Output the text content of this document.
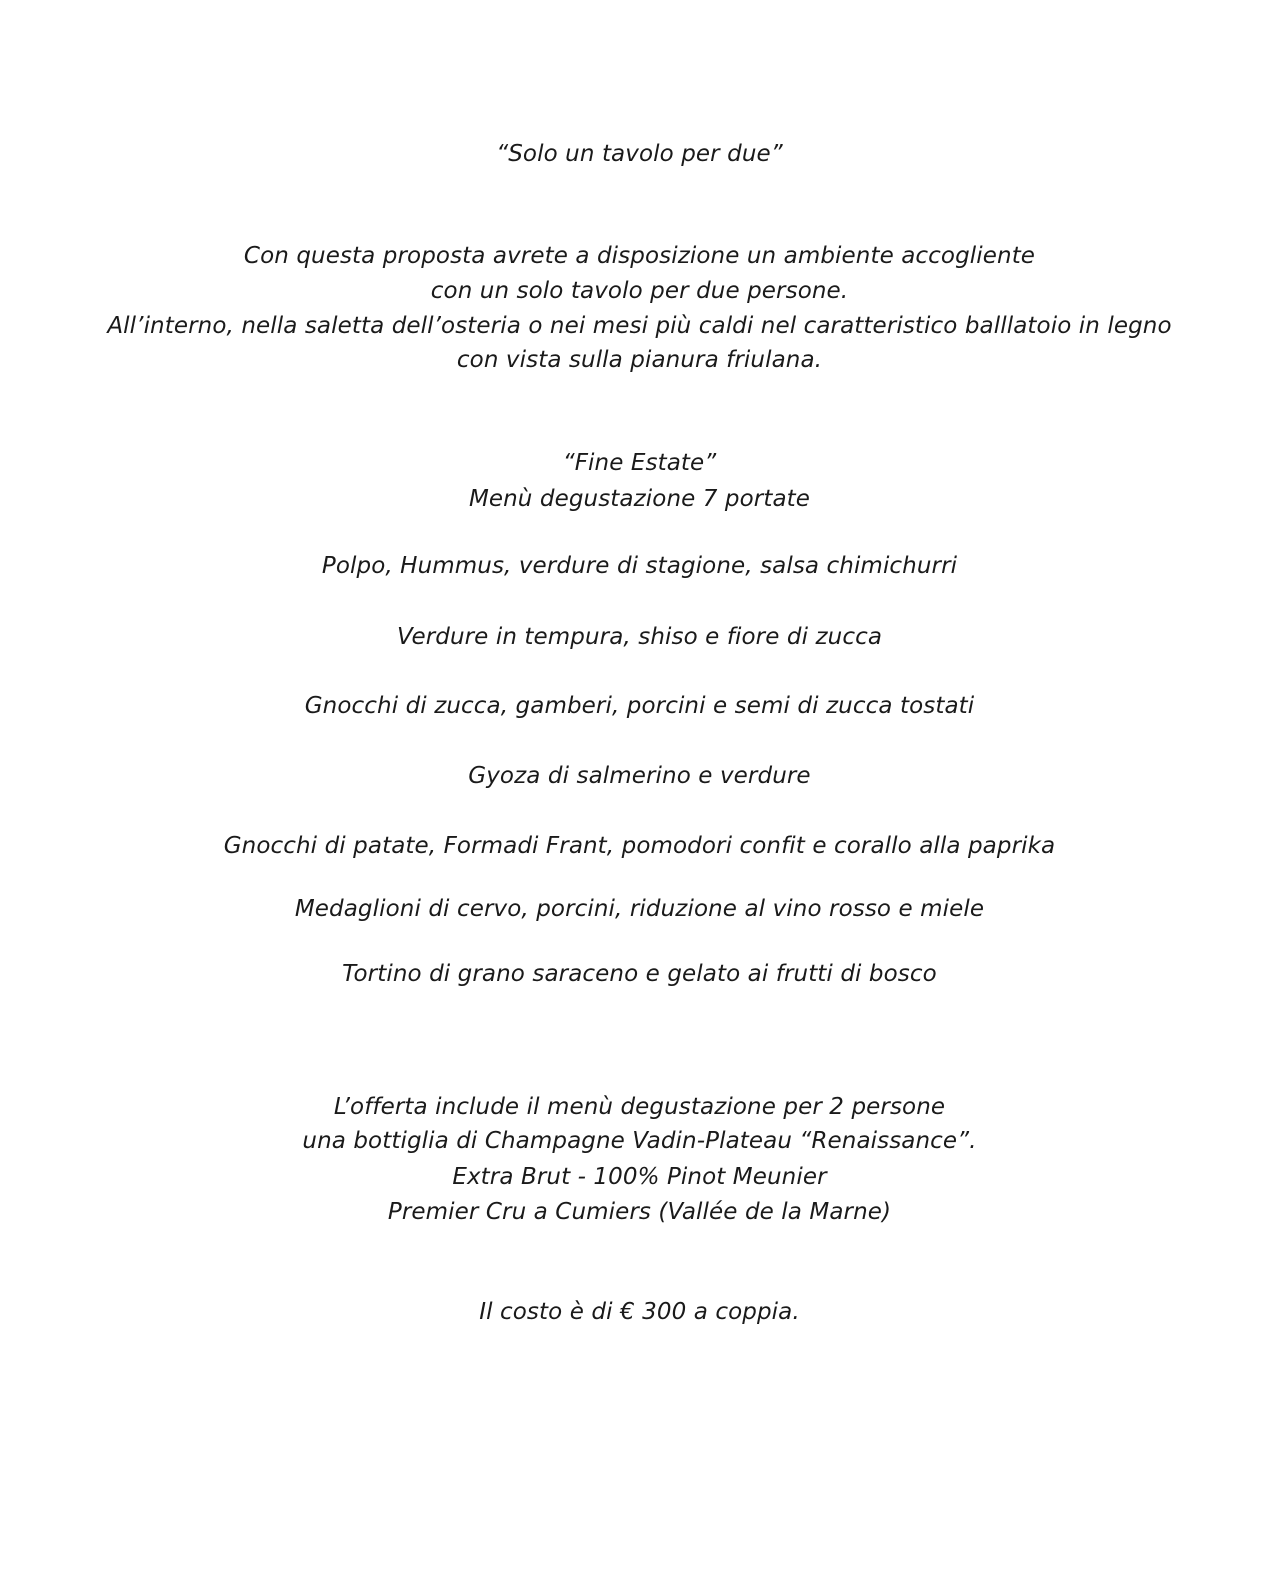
“Solo un tavolo per due”
Con questa proposta avrete a disposizione un ambiente accogliente
con un solo tavolo per due persone.
All’interno, nella saletta dell’osteria o nei mesi più caldi nel caratteristico balllatoio in legno
con vista sulla pianura friulana.
“Fine Estate”
Menù degustazione 7 portate
Polpo, Hummus, verdure di stagione, salsa chimichurri
Verdure in tempura, shiso e fiore di zucca
Gnocchi di zucca, gamberi, porcini e semi di zucca tostati
Gyoza di salmerino e verdure
Gnocchi di patate, Formadi Frant, pomodori confit e corallo alla paprika
Medaglioni di cervo, porcini, riduzione al vino rosso e miele
Tortino di grano saraceno e gelato ai frutti di bosco
L’offerta include il menù degustazione per 2 persone
una bottiglia di Champagne Vadin-Plateau “Renaissance”.
Extra Brut - 100% Pinot Meunier
Premier Cru a Cumiers (Vallée de la Marne)
Il costo è di € 300 a coppia.
